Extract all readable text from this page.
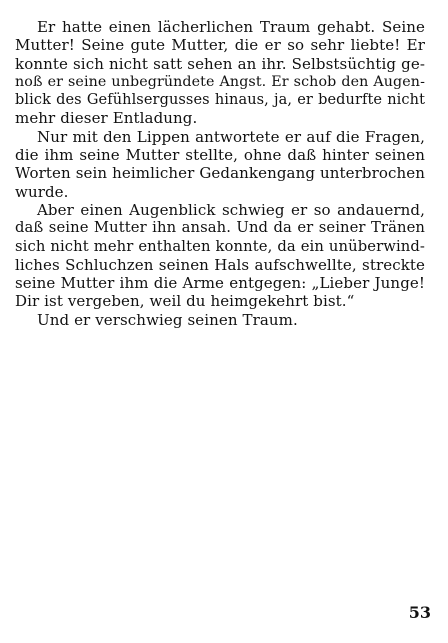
Er hatte einen lächerlichen Traum gehabt. Seine
Mutter! Seine gute Mutter, die er so sehr liebte! Er
konnte sich nicht satt sehen an ihr. Selbstsüchtig ge-
noß er seine unbegründete Angst. Er schob den Augen-
blick des Gefühlsergusses hinaus, ja, er bedurfte nicht
mehr dieser Entladung.
Nur mit den Lippen antwortete er auf die Fragen,
die ihm seine Mutter stellte, ohne daß hinter seinen
Worten sein heimlicher Gedankengang unterbrochen
wurde.
Aber einen Augenblick schwieg er so andauernd,
daß seine Mutter ihn ansah. Und da er seiner Tränen
sich nicht mehr enthalten konnte, da ein unüberwind-
liches Schluchzen seinen Hals aufschwellte, streckte
seine Mutter ihm die Arme entgegen: „Lieber Junge!
Dir ist vergeben, weil du heimgekehrt bist.“
Und er verschwieg seinen Traum.
53
